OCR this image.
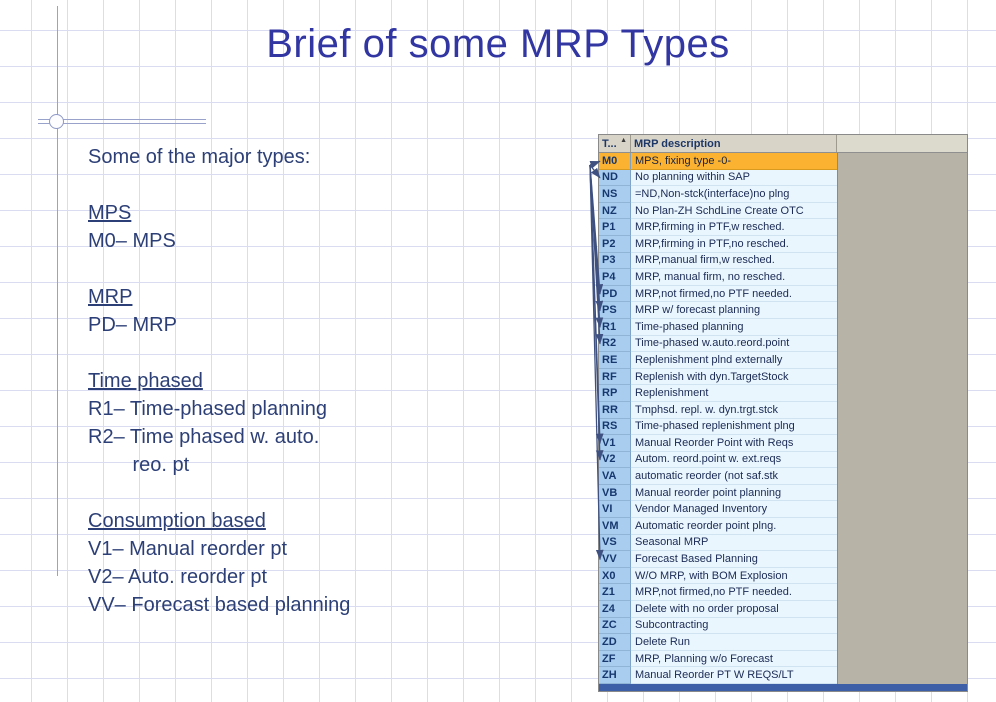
Brief of some MRP Types
Some of the major types:
MPS
M0– MPS
MRP
PD– MRP
Time phased
R1– Time-phased planning
R2– Time phased w. auto.
reo. pt
Consumption based
V1– Manual reorder pt
V2– Auto. reorder pt
VV– Forecast based planning
T... ▲ MRP description
M0	MPS, fixing type -0-
ND	No planning within SAP
NS	=ND,Non-stck(interface)no plng
NZ	No Plan-ZH SchdLine Create OTC
P1	MRP,firming in PTF,w resched.
P2	MRP,firming in PTF,no resched.
P3	MRP,manual firm,w resched.
P4	MRP, manual firm, no resched.
PD	MRP,not firmed,no PTF needed.
PS	MRP w/ forecast planning
R1	Time-phased planning
R2	Time-phased w.auto.reord.point
RE	Replenishment plnd externally
RF	Replenish with dyn.TargetStock
RP	Replenishment
RR	Tmphsd. repl. w. dyn.trgt.stck
RS	Time-phased replenishment plng
V1	Manual Reorder Point with Reqs
V2	Autom. reord.point w. ext.reqs
VA	automatic reorder (not saf.stk
VB	Manual reorder point planning
VI	Vendor Managed Inventory
VM	Automatic reorder point plng.
VS	Seasonal MRP
VV	Forecast Based Planning
X0	W/O MRP, with BOM Explosion
Z1	MRP,not firmed,no PTF needed.
Z4	Delete with no order proposal
ZC	Subcontracting
ZD	Delete Run
ZF	MRP, Planning w/o Forecast
ZH	Manual Reorder PT W REQS/LT
